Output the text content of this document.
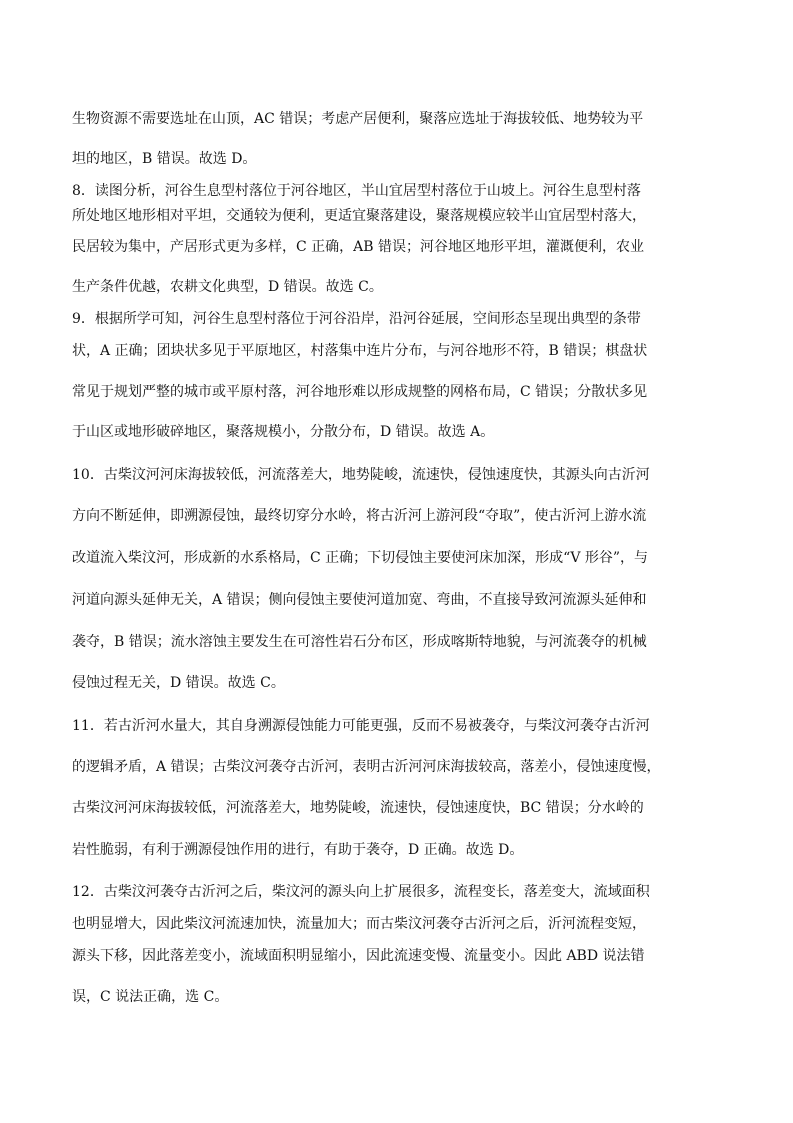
生物资源不需要选址在山顶，AC 错误；考虑产居便利，聚落应选址于海拔较低、地势较为平
坦的地区，B 错误。故选 D。
8．读图分析，河谷生息型村落位于河谷地区，半山宜居型村落位于山坡上。河谷生息型村落
所处地区地形相对平坦，交通较为便利，更适宜聚落建设，聚落规模应较半山宜居型村落大，
民居较为集中，产居形式更为多样，C 正确，AB 错误；河谷地区地形平坦，灌溉便利，农业
生产条件优越，农耕文化典型，D 错误。故选 C。
9．根据所学可知，河谷生息型村落位于河谷沿岸，沿河谷延展，空间形态呈现出典型的条带
状，A 正确；团块状多见于平原地区，村落集中连片分布，与河谷地形不符，B 错误；棋盘状
常见于规划严整的城市或平原村落，河谷地形难以形成规整的网格布局，C 错误；分散状多见
于山区或地形破碎地区，聚落规模小，分散分布，D 错误。故选 A。
10．古柴汶河河床海拔较低，河流落差大，地势陡峻，流速快，侵蚀速度快，其源头向古沂河
方向不断延伸，即溯源侵蚀，最终切穿分水岭，将古沂河上游河段“夺取”，使古沂河上游水流
改道流入柴汶河，形成新的水系格局，C 正确；下切侵蚀主要使河床加深，形成“V 形谷”，与
河道向源头延伸无关，A 错误；侧向侵蚀主要使河道加宽、弯曲，不直接导致河流源头延伸和
袭夺，B 错误；流水溶蚀主要发生在可溶性岩石分布区，形成喀斯特地貌，与河流袭夺的机械
侵蚀过程无关，D 错误。故选 C。
11．若古沂河水量大，其自身溯源侵蚀能力可能更强，反而不易被袭夺，与柴汶河袭夺古沂河
的逻辑矛盾，A 错误；古柴汶河袭夺古沂河，表明古沂河河床海拔较高，落差小，侵蚀速度慢，
古柴汶河河床海拔较低，河流落差大，地势陡峻，流速快，侵蚀速度快，BC 错误；分水岭的
岩性脆弱，有利于溯源侵蚀作用的进行，有助于袭夺，D 正确。故选 D。
12．古柴汶河袭夺古沂河之后，柴汶河的源头向上扩展很多，流程变长，落差变大，流域面积
也明显增大，因此柴汶河流速加快，流量加大；而古柴汶河袭夺古沂河之后，沂河流程变短，
源头下移，因此落差变小，流域面积明显缩小，因此流速变慢、流量变小。因此 ABD 说法错
误，C 说法正确，选 C。
